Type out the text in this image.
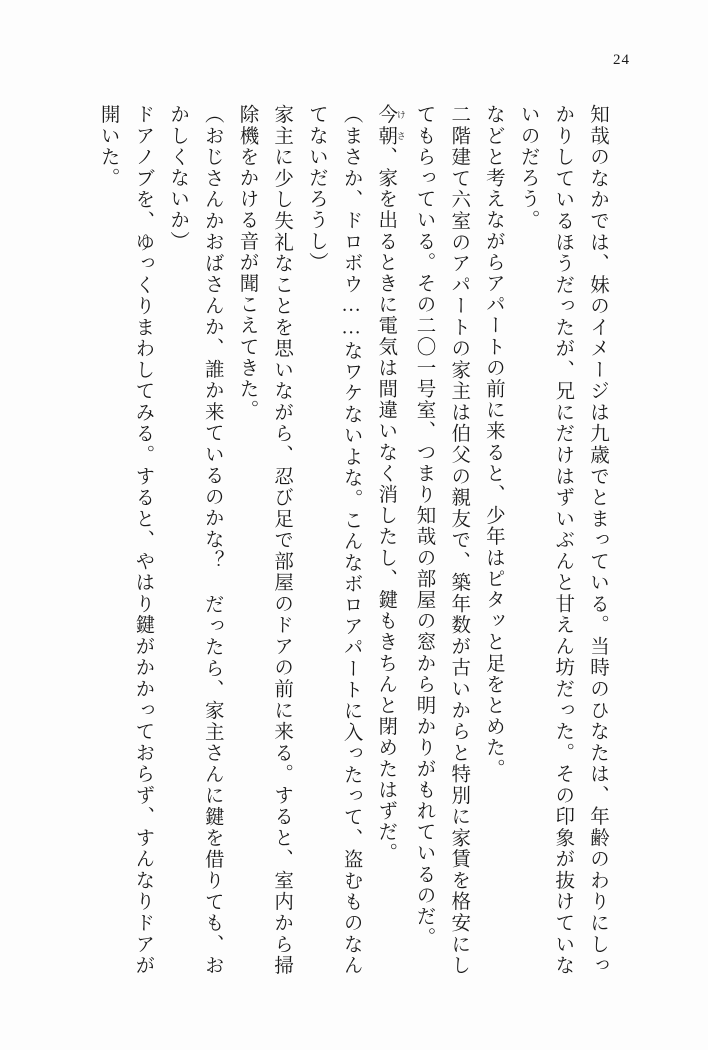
24
知哉のなかでは、妹のイメージは九歳でとまっている。当時のひなたは、年齢のわりにしっかりしているほうだったが、兄にだけはずいぶんと甘えん坊だった。その印象が抜けていないのだろう。
などと考えながらアパートの前に来ると、少年はピタッと足をとめた。
二階建て六室のアパートの家主は伯父の親友で、築年数が古いからと特別に家賃を格安にしてもらっている。その二〇一号室、つまり知哉の部屋の窓から明かりがもれているのだ。
今朝 けさ、家を出るときに電気は間違いなく消したし、鍵もきちんと閉めたはずだ。
（まさか、ドロボウ……なワケないよな。こんなボロアパートに入ったって、盗むものなんてないだろうし）
家主に少し失礼なことを思いながら、忍び足で部屋のドアの前に来る。すると、室内から掃除機をかける音が聞こえてきた。
（おじさんかおばさんか、誰か来ているのかな？ だったら、家主さんに鍵を借りても、おかしくないか）
ドアノブを、ゆっくりまわしてみる。すると、やはり鍵がかかっておらず、すんなりドアが開いた。
